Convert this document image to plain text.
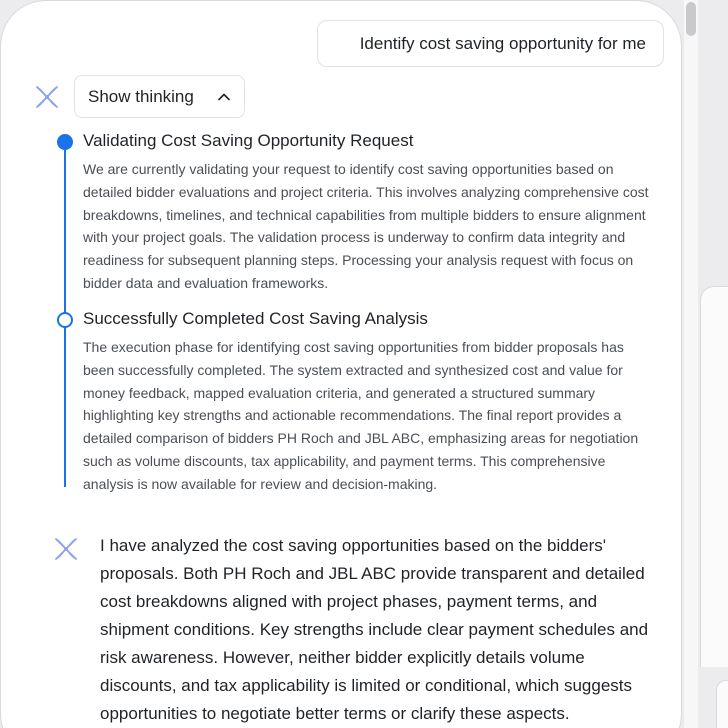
Identify cost saving opportunity for me
Show thinking
Validating Cost Saving Opportunity Request

We are currently validating your request to identify cost saving opportunities based on detailed bidder evaluations and project criteria. This involves analyzing comprehensive cost breakdowns, timelines, and technical capabilities from multiple bidders to ensure alignment with your project goals. The validation process is underway to confirm data integrity and readiness for subsequent planning steps. Processing your analysis request with focus on bidder data and evaluation frameworks.

Successfully Completed Cost Saving Analysis

The execution phase for identifying cost saving opportunities from bidder proposals has been successfully completed. The system extracted and synthesized cost and value for money feedback, mapped evaluation criteria, and generated a structured summary highlighting key strengths and actionable recommendations. The final report provides a detailed comparison of bidders PH Roch and JBL ABC, emphasizing areas for negotiation such as volume discounts, tax applicability, and payment terms. This comprehensive analysis is now available for review and decision-making.

I have analyzed the cost saving opportunities based on the bidders' proposals. Both PH Roch and JBL ABC provide transparent and detailed cost breakdowns aligned with project phases, payment terms, and shipment conditions. Key strengths include clear payment schedules and risk awareness. However, neither bidder explicitly details volume discounts, and tax applicability is limited or conditional, which suggests opportunities to negotiate better terms or clarify these aspects.
